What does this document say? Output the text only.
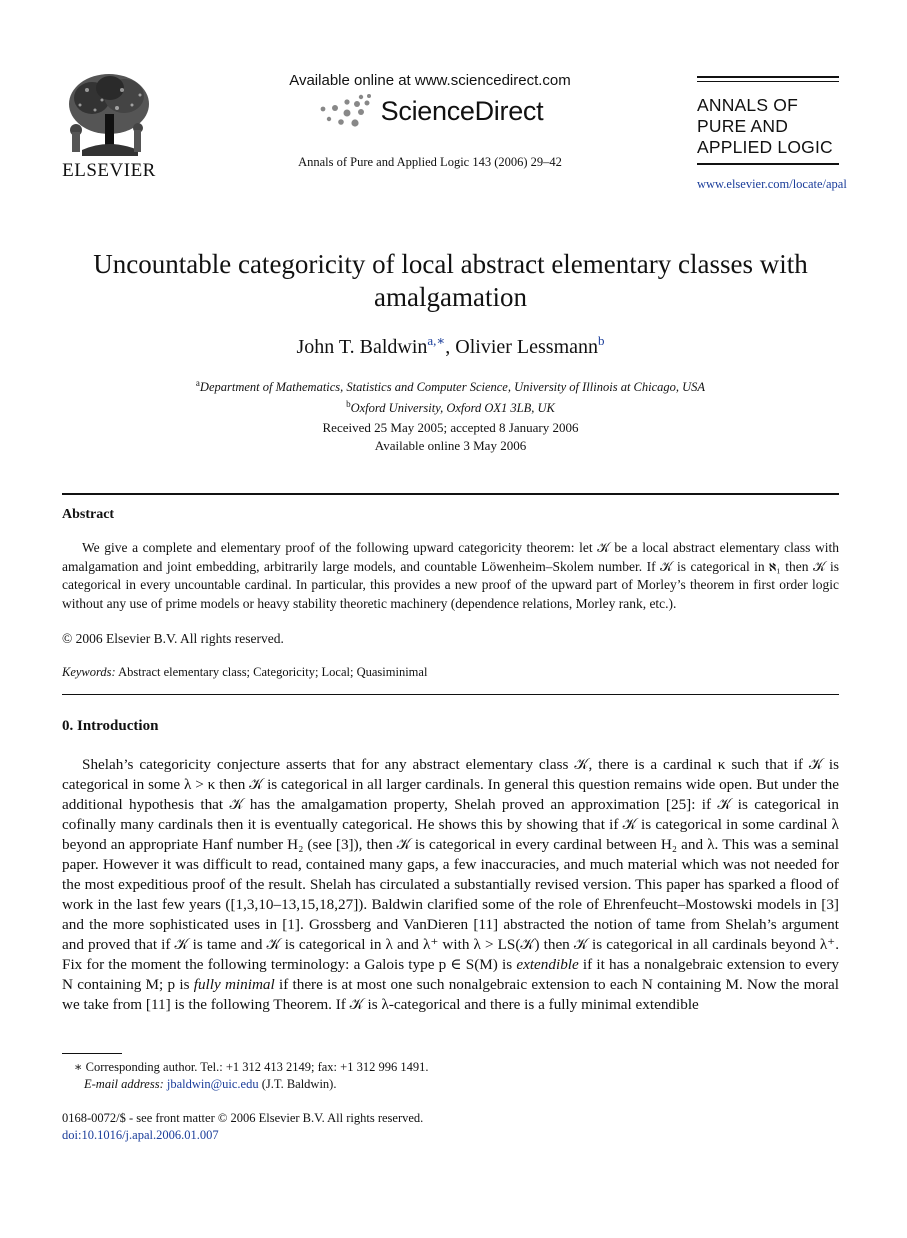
ELSEVIER
Available online at www.sciencedirect.com
ScienceDirect
Annals of Pure and Applied Logic 143 (2006) 29–42
ANNALS OF
PURE AND
APPLIED LOGIC
www.elsevier.com/locate/apal
Uncountable categoricity of local abstract elementary classes with amalgamation
John T. Baldwin$^{a,∗}$, Olivier Lessmann$^b$
$^a$Department of Mathematics, Statistics and Computer Science, University of Illinois at Chicago, USA
$^b$Oxford University, Oxford OX1 3LB, UK
Received 25 May 2005; accepted 8 January 2006
Available online 3 May 2006
Abstract
We give a complete and elementary proof of the following upward categoricity theorem: let 𝒦 be a local abstract elementary class with amalgamation and joint embedding, arbitrarily large models, and countable Löwenheim–Skolem number. If 𝒦 is categorical in ℵ₁ then 𝒦 is categorical in every uncountable cardinal. In particular, this provides a new proof of the upward part of Morley’s theorem in first order logic without any use of prime models or heavy stability theoretic machinery (dependence relations, Morley rank, etc.).
© 2006 Elsevier B.V. All rights reserved.
Keywords: Abstract elementary class; Categoricity; Local; Quasiminimal
0. Introduction

Shelah’s categoricity conjecture asserts that for any abstract elementary class 𝒦, there is a cardinal κ such that if 𝒦 is categorical in some λ > κ then 𝒦 is categorical in all larger cardinals. In general this question remains wide open. But under the additional hypothesis that 𝒦 has the amalgamation property, Shelah proved an approximation [25]: if 𝒦 is categorical in cofinally many cardinals then it is eventually categorical. He shows this by showing that if 𝒦 is categorical in some cardinal λ beyond an appropriate Hanf number H₂ (see [3]), then 𝒦 is categorical in every cardinal between H₂ and λ. This was a seminal paper. However it was difficult to read, contained many gaps, a few inaccuracies, and much material which was not needed for the most expeditious proof of the result. Shelah has circulated a substantially revised version. This paper has sparked a flood of work in the last few years ([1,3,10–13,15,18,27]). Baldwin clarified some of the role of Ehrenfeucht–Mostowski models in [3] and the more sophisticated uses in [1]. Grossberg and VanDieren [11] abstracted the notion of tame from Shelah’s argument and proved that if 𝒦 is tame and 𝒦 is categorical in λ and λ⁺ with λ > LS(𝒦) then 𝒦 is categorical in all cardinals beyond λ⁺. Fix for the moment the following terminology: a Galois type p ∈ S(M) is extendible if it has a nonalgebraic extension to every N containing M; p is fully minimal if there is at most one such nonalgebraic extension to each N containing M. Now the moral we take from [11] is the following Theorem. If 𝒦 is λ-categorical and there is a fully minimal extendible

∗ Corresponding author. Tel.: +1 312 413 2149; fax: +1 312 996 1491.
E-mail address: jbaldwin@uic.edu (J.T. Baldwin).
0168-0072/$ - see front matter © 2006 Elsevier B.V. All rights reserved.
doi:10.1016/j.apal.2006.01.007
